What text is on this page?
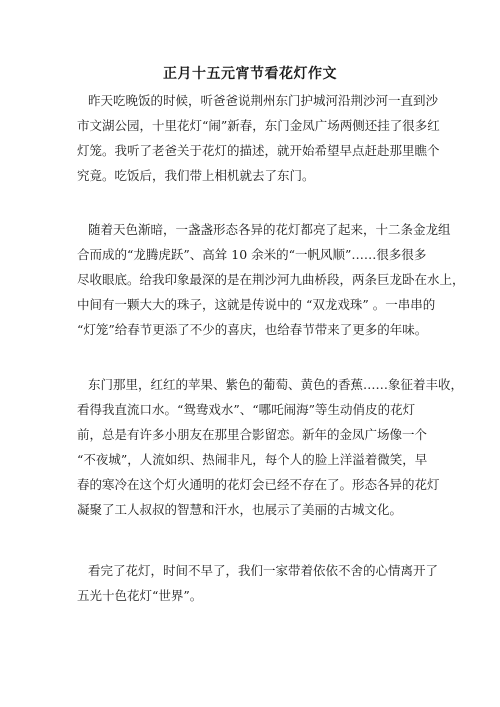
正月十五元宵节看花灯作文
昨天吃晚饭的时候，听爸爸说荆州东门护城河沿荆沙河一直到沙
市文湖公园，十里花灯“闹”新春，东门金凤广场两侧还挂了很多红
灯笼。我听了老爸关于花灯的描述，就开始希望早点赶赴那里瞧个
究竟。吃饭后，我们带上相机就去了东门。
随着天色渐暗，一盏盏形态各异的花灯都亮了起来，十二条金龙组
合而成的“龙腾虎跃”、高耸 10 余米的“一帆风顺”……很多很多
尽收眼底。给我印象最深的是在荆沙河九曲桥段，两条巨龙卧在水上，
中间有一颗大大的珠子，这就是传说中的 “双龙戏珠” 。一串串的
“灯笼”给春节更添了不少的喜庆，也给春节带来了更多的年味。
东门那里，红红的苹果、紫色的葡萄、黄色的香蕉……象征着丰收，
看得我直流口水。“鸳鸯戏水”、“哪吒闹海”等生动俏皮的花灯
前，总是有许多小朋友在那里合影留恋。新年的金凤广场像一个
“不夜城”，人流如织、热闹非凡，每个人的脸上洋溢着微笑，早
春的寒冷在这个灯火通明的花灯会已经不存在了。形态各异的花灯
凝聚了工人叔叔的智慧和汗水，也展示了美丽的古城文化。
看完了花灯，时间不早了，我们一家带着依依不舍的心情离开了
五光十色花灯“世界”。
